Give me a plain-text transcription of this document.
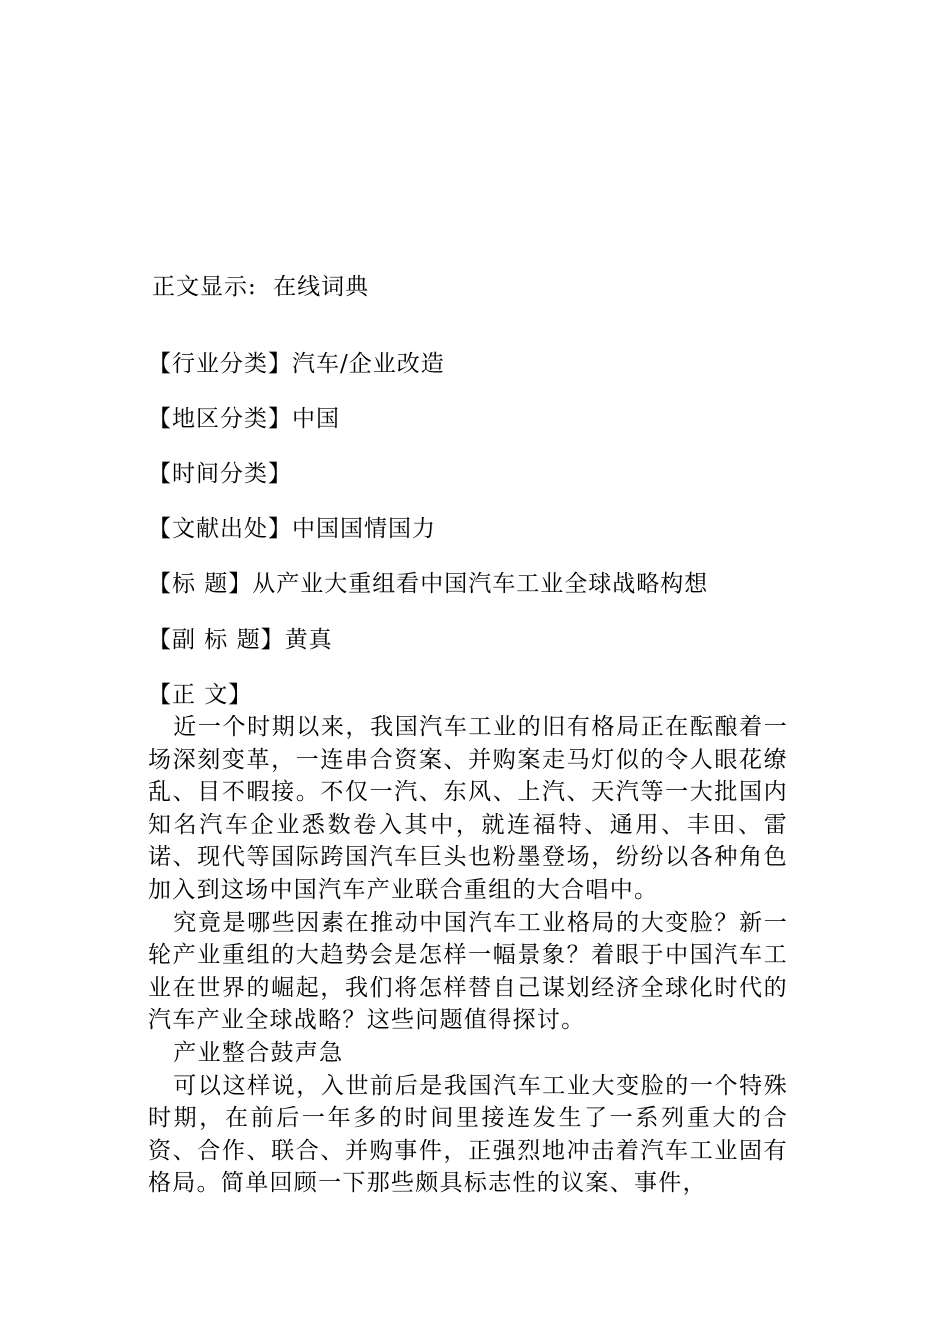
正文显示: 在线词典
【行业分类】汽车/企业改造
【地区分类】中国
【时间分类】
【文献出处】中国国情国力
【标 题】从产业大重组看中国汽车工业全球战略构想
【副 标 题】黄真
【正 文】

近一个时期以来，我国汽车工业的旧有格局正在酝酿着一场深刻变革，一连串合资案、并购案走马灯似的令人眼花缭乱、目不暇接。不仅一汽、东风、上汽、天汽等一大批国内知名汽车企业悉数卷入其中，就连福特、通用、丰田、雷诺、现代等国际跨国汽车巨头也粉墨登场，纷纷以各种角色加入到这场中国汽车产业联合重组的大合唱中。

究竟是哪些因素在推动中国汽车工业格局的大变脸？新一轮产业重组的大趋势会是怎样一幅景象？着眼于中国汽车工业在世界的崛起，我们将怎样替自己谋划经济全球化时代的汽车产业全球战略？这些问题值得探讨。

产业整合鼓声急

可以这样说，入世前后是我国汽车工业大变脸的一个特殊时期，在前后一年多的时间里接连发生了一系列重大的合资、合作、联合、并购事件，正强烈地冲击着汽车工业固有格局。简单回顾一下那些颇具标志性的议案、事件，
